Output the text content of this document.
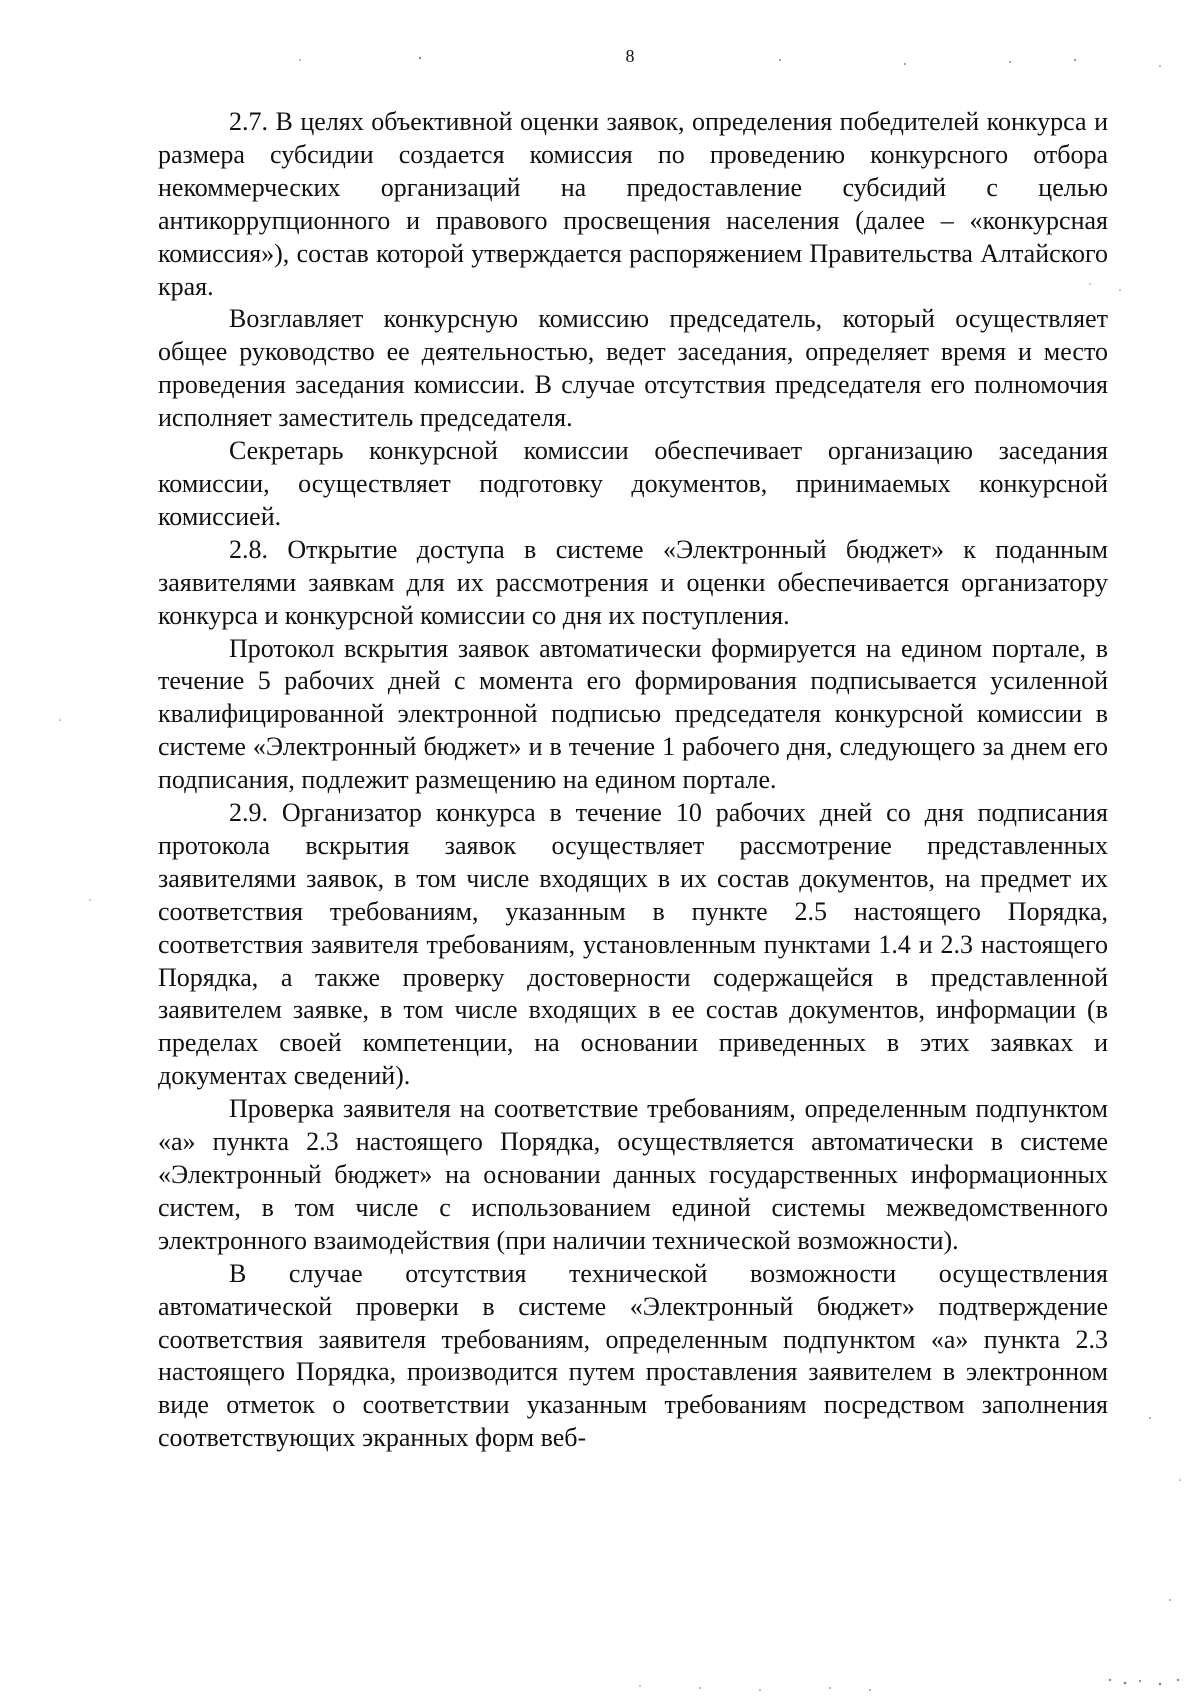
8

2.7. В целях объективной оценки заявок, определения победителей конкурса и размера субсидии создается комиссия по проведению конкурсного отбора некоммерческих организаций на предоставление субсидий с целью антикоррупционного и правового просвещения населения (далее – «конкурсная комиссия»), состав которой утверждается распоряжением Правительства Алтайского края.

Возглавляет конкурсную комиссию председатель, который осуществляет общее руководство ее деятельностью, ведет заседания, определяет время и место проведения заседания комиссии. В случае отсутствия председателя его полномочия исполняет заместитель председателя.

Секретарь конкурсной комиссии обеспечивает организацию заседания комиссии, осуществляет подготовку документов, принимаемых конкурсной комиссией.

2.8. Открытие доступа в системе «Электронный бюджет» к поданным заявителями заявкам для их рассмотрения и оценки обеспечивается организатору конкурса и конкурсной комиссии со дня их поступления.

Протокол вскрытия заявок автоматически формируется на едином портале, в течение 5 рабочих дней с момента его формирования подписывается усиленной квалифицированной электронной подписью председателя конкурсной комиссии в системе «Электронный бюджет» и в течение 1 рабочего дня, следующего за днем его подписания, подлежит размещению на едином портале.

2.9. Организатор конкурса в течение 10 рабочих дней со дня подписания протокола вскрытия заявок осуществляет рассмотрение представленных заявителями заявок, в том числе входящих в их состав документов, на предмет их соответствия требованиям, указанным в пункте 2.5 настоящего Порядка, соответствия заявителя требованиям, установленным пунктами 1.4 и 2.3 настоящего Порядка, а также проверку достоверности содержащейся в представленной заявителем заявке, в том числе входящих в ее состав документов, информации (в пределах своей компетенции, на основании приведенных в этих заявках и документах сведений).

Проверка заявителя на соответствие требованиям, определенным подпунктом «а» пункта 2.3 настоящего Порядка, осуществляется автоматически в системе «Электронный бюджет» на основании данных государственных информационных систем, в том числе с использованием единой системы межведомственного электронного взаимодействия (при наличии технической возможности).

В случае отсутствия технической возможности осуществления автоматической проверки в системе «Электронный бюджет» подтверждение соответствия заявителя требованиям, определенным подпунктом «а» пункта 2.3 настоящего Порядка, производится путем проставления заявителем в электронном виде отметок о соответствии указанным требованиям посредством заполнения соответствующих экранных форм веб-
